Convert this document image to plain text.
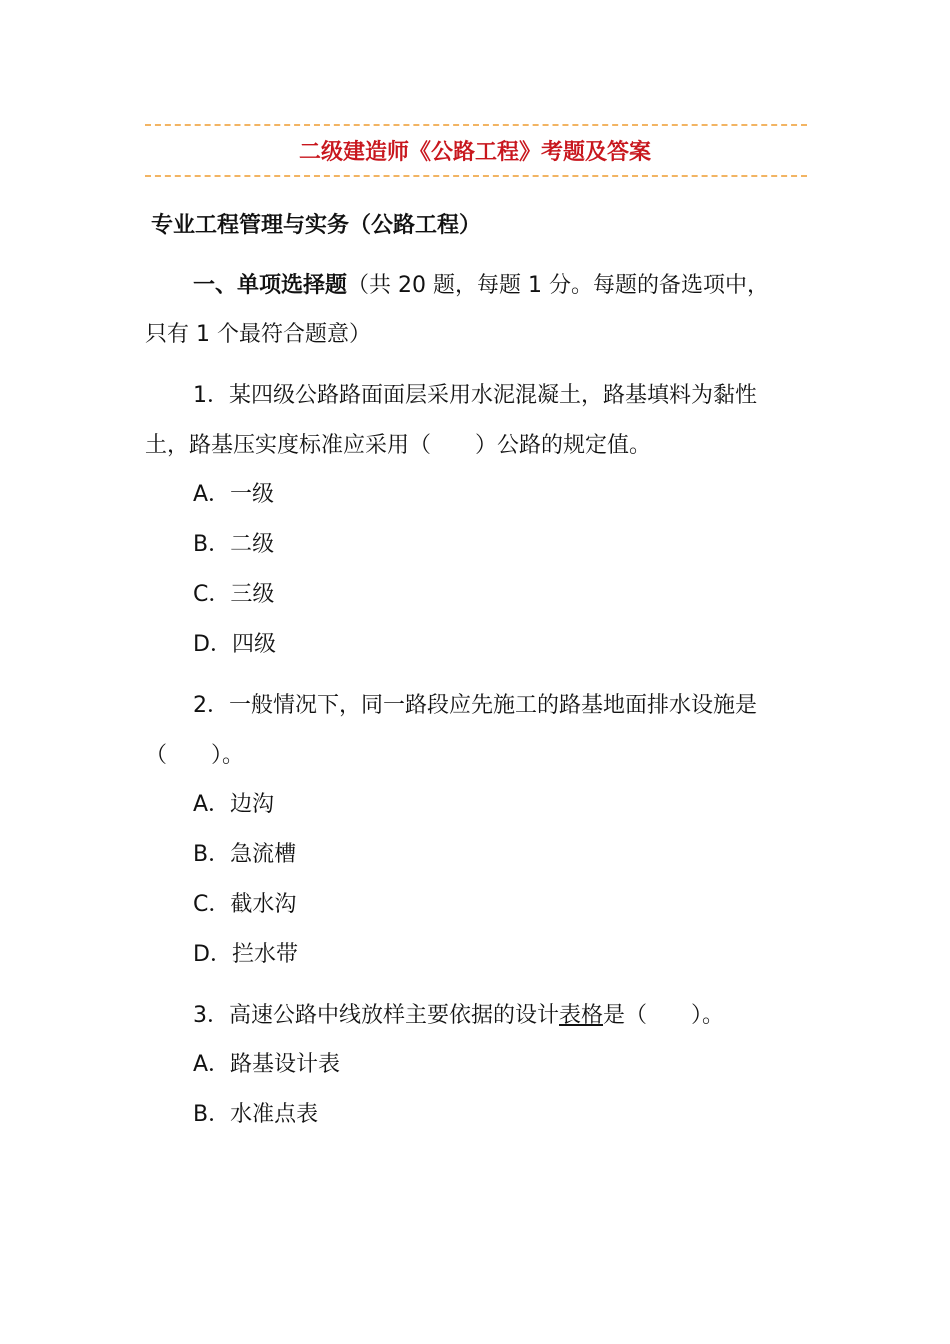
二级建造师《公路工程》考题及答案
专业工程管理与实务（公路工程）
一、单项选择题（共 20 题，每题 1 分。每题的备选项中，
只有 1 个最符合题意）
1．某四级公路路面面层采用水泥混凝土，路基填料为黏性
土，路基压实度标准应采用（　　）公路的规定值。
A．一级
B．二级
C．三级
D．四级
2．一般情况下，同一路段应先施工的路基地面排水设施是
（　　）。
A．边沟
B．急流槽
C．截水沟
D．拦水带
3．高速公路中线放样主要依据的设计表格是（　　）。
A．路基设计表
B．水准点表
